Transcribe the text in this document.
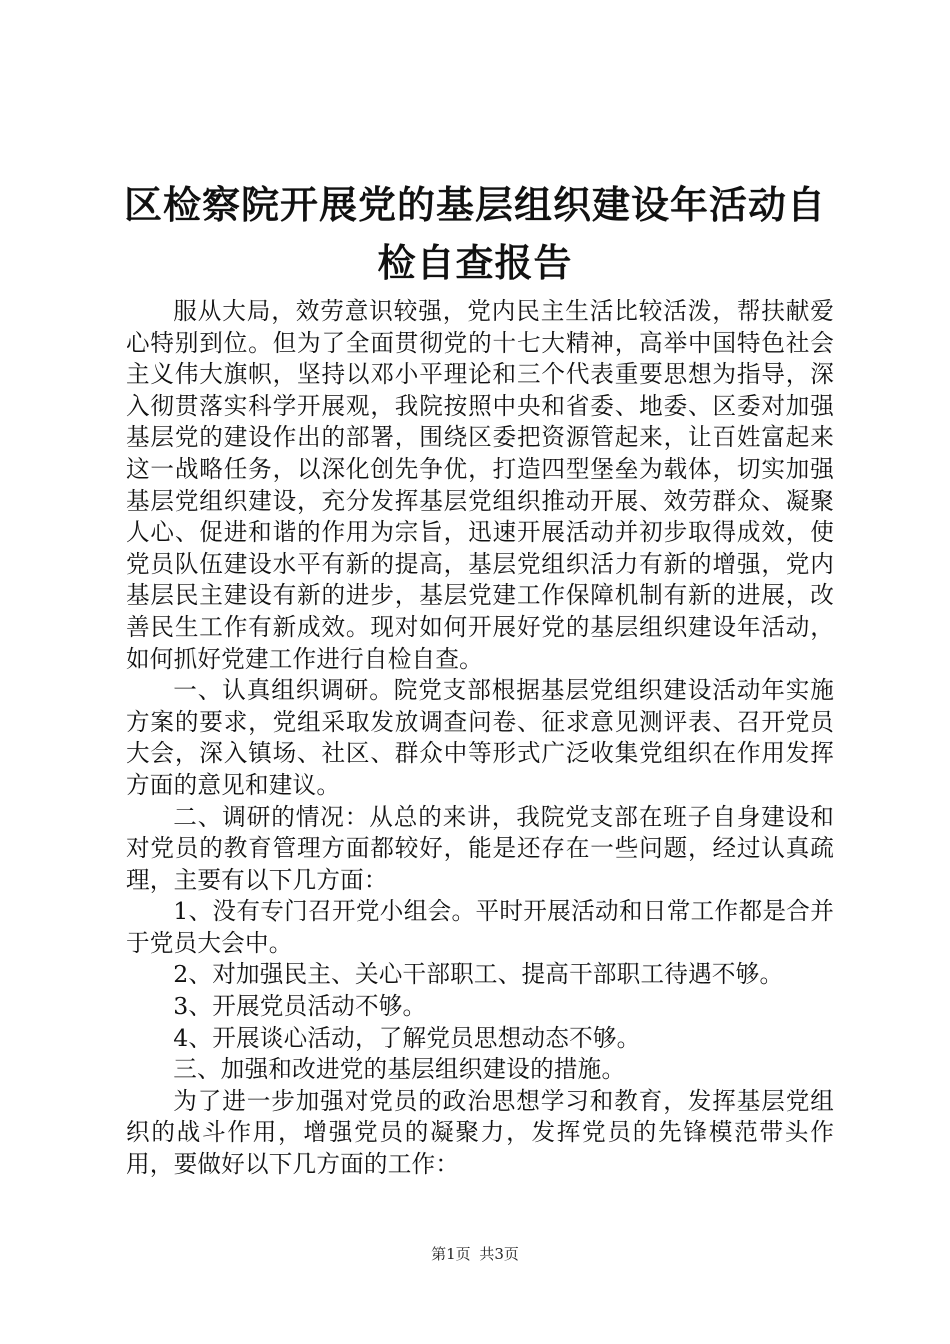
区检察院开展党的基层组织建设年活动自检自查报告

服从大局，效劳意识较强，党内民主生活比较活泼，帮扶献爱心特别到位。但为了全面贯彻党的十七大精神，高举中国特色社会主义伟大旗帜，坚持以邓小平理论和三个代表重要思想为指导，深入彻贯落实科学开展观，我院按照中央和省委、地委、区委对加强基层党的建设作出的部署，围绕区委把资源管起来，让百姓富起来这一战略任务，以深化创先争优，打造四型堡垒为载体，切实加强基层党组织建设，充分发挥基层党组织推动开展、效劳群众、凝聚人心、促进和谐的作用为宗旨，迅速开展活动并初步取得成效，使党员队伍建设水平有新的提高，基层党组织活力有新的增强，党内基层民主建设有新的进步，基层党建工作保障机制有新的进展，改善民生工作有新成效。现对如何开展好党的基层组织建设年活动，如何抓好党建工作进行自检自查。

一、认真组织调研。院党支部根据基层党组织建设活动年实施方案的要求，党组采取发放调查问卷、征求意见测评表、召开党员大会，深入镇场、社区、群众中等形式广泛收集党组织在作用发挥方面的意见和建议。

二、调研的情况：从总的来讲，我院党支部在班子自身建设和对党员的教育管理方面都较好，能是还存在一些问题，经过认真疏理，主要有以下几方面：

1、没有专门召开党小组会。平时开展活动和日常工作都是合并于党员大会中。

2、对加强民主、关心干部职工、提高干部职工待遇不够。

3、开展党员活动不够。

4、开展谈心活动，了解党员思想动态不够。

三、加强和改进党的基层组织建设的措施。

为了进一步加强对党员的政治思想学习和教育，发挥基层党组织的战斗作用，增强党员的凝聚力，发挥党员的先锋模范带头作用，要做好以下几方面的工作：

第1页 共3页
